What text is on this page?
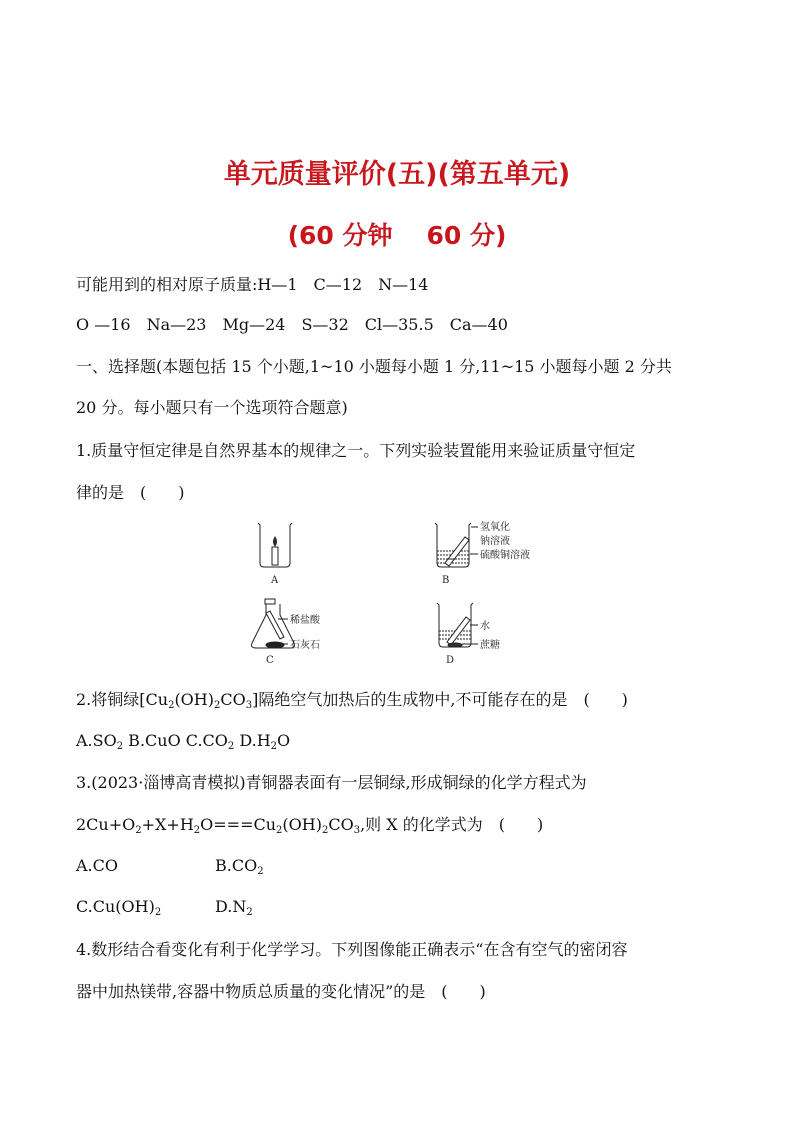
单元质量评价(五)(第五单元)
(60 分钟 60 分)
可能用到的相对原子质量:H—1　C—12　N—14
O —16　Na—23　Mg—24　S—32　Cl—35.5　Ca—40
一、选择题(本题包括 15 个小题,1~10 小题每小题 1 分,11~15 小题每小题 2 分共
20 分。每小题只有一个选项符合题意)
1.质量守恒定律是自然界基本的规律之一。下列实验装置能用来验证质量守恒定
律的是　(　　)
A
氢氧化
钠溶液
硫酸铜溶液
B
稀盐酸
石灰石
C
水
蔗糖
D
2.将铜绿$[Cu_2(OH)_2CO_3]$隔绝空气加热后的生成物中,不可能存在的是　(　　)
$A.SO_2$ B.CuO $C.CO_2$ $D.H_2O$
3.(2023·淄博高青模拟)青铜器表面有一层铜绿,形成铜绿的化学方程式为
$2Cu+O_2+X+H_2O===Cu_2(OH)_2CO_3$,则 X 的化学式为　(　　)
A.CO	$B.CO_2$
$C.Cu(OH)_2$	$D.N_2$
4.数形结合看变化有利于化学学习。下列图像能正确表示“在含有空气的密闭容
器中加热镁带,容器中物质总质量的变化情况”的是　(　　)
